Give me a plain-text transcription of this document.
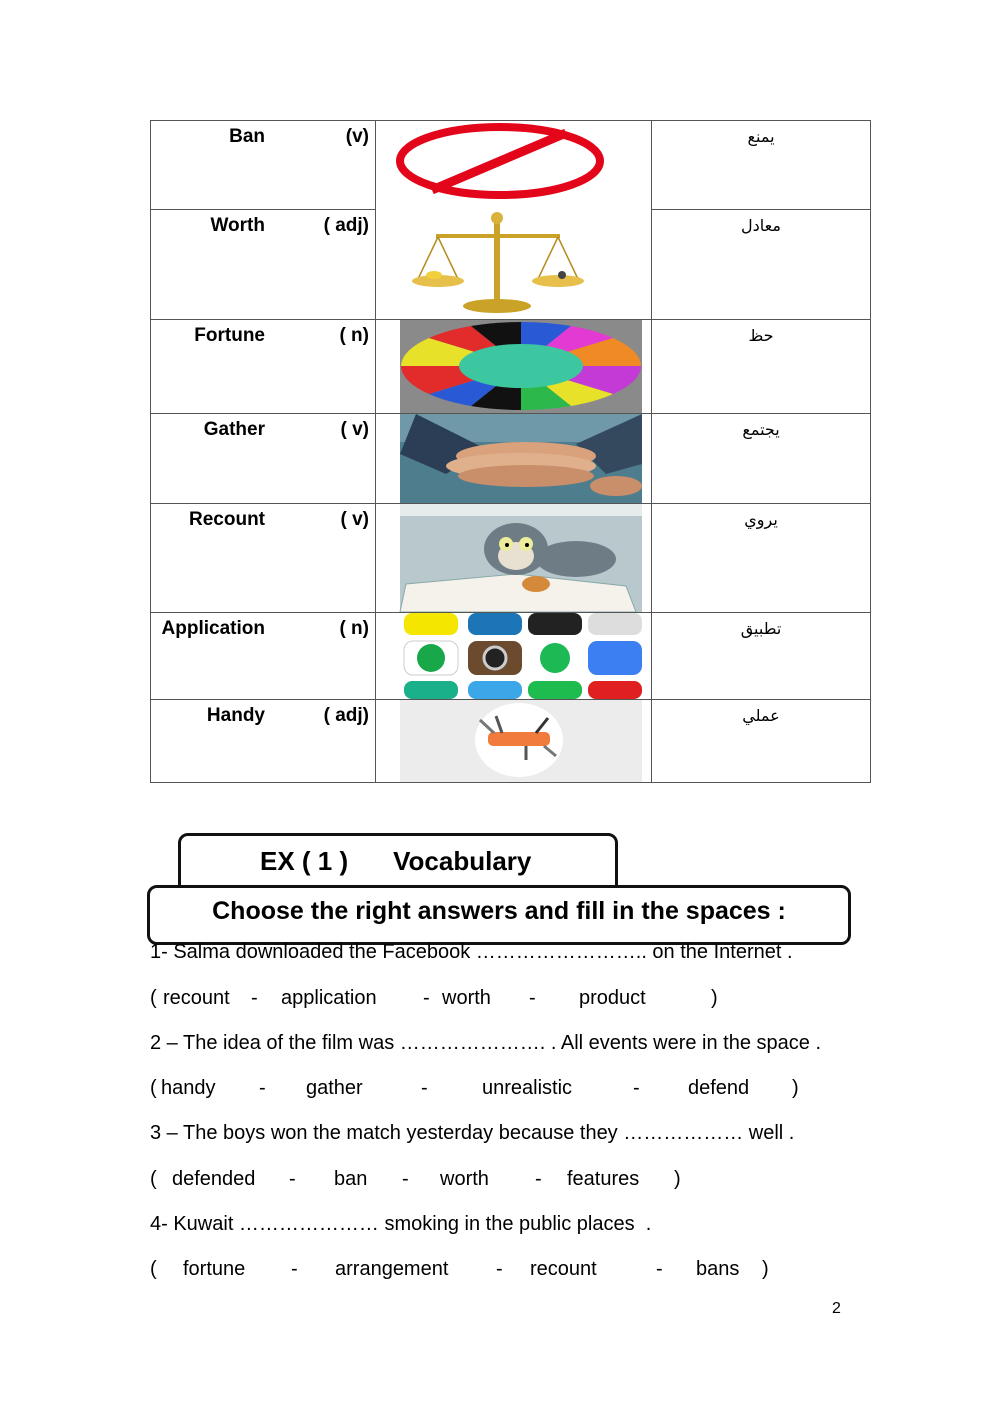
Ban (v)		يمنع

Worth ( adj)		معادل

Fortune ( n)		حظ

Gather ( v)		يجتمع

Recount ( v)		يروي

Application ( n)		تطبيق

Handy ( adj)		عملي
EX ( 1 ) Vocabulary
Choose the right answers and fill in the spaces :
1- Salma downloaded the Facebook …………………….. on the Internet .
( recount - application - worth - product	)
2 – The idea of the film was …………………. . All events were in the space .
( handy - gather	-	unrealistic	- defend )
3 – The boys won the match yesterday because they ……………… well .
( defended - ban - worth - features )
4- Kuwait ………………… smoking in the public places  .
( fortune - arrangement - recount	- bans )
2
